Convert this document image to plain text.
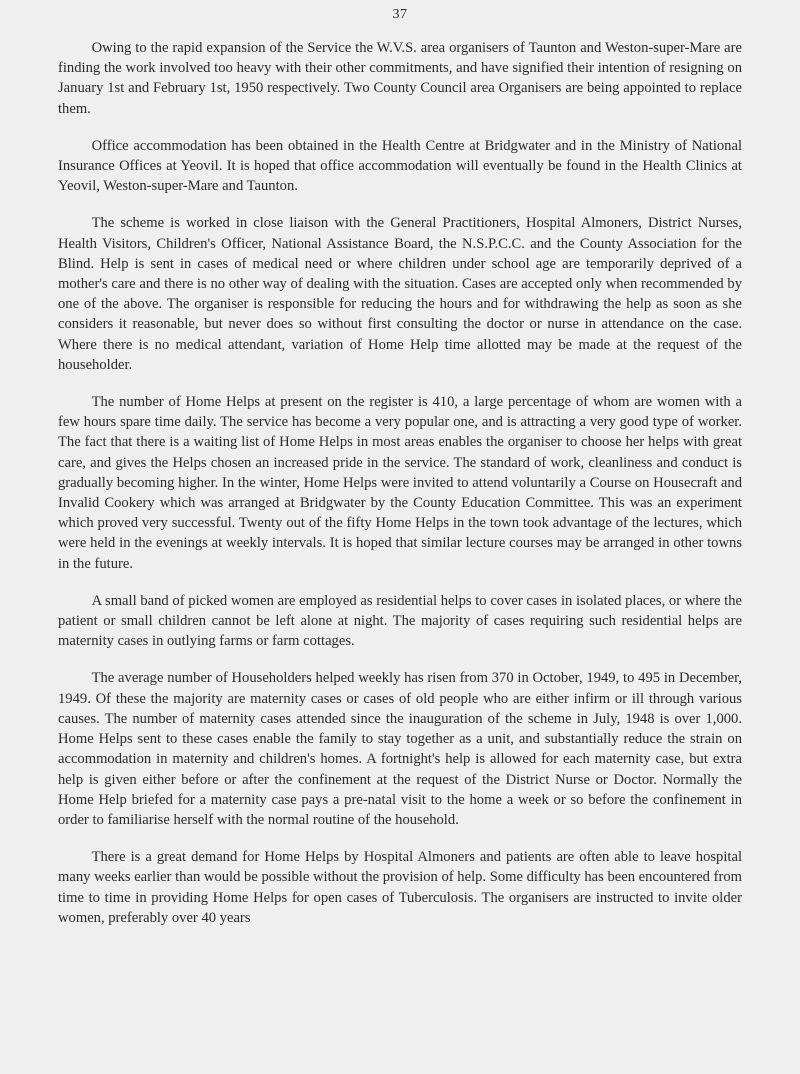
37

Owing to the rapid expansion of the Service the W.V.S. area organisers of Taunton and Weston-super-Mare are finding the work involved too heavy with their other commitments, and have signified their intention of resigning on January 1st and February 1st, 1950 respectively. Two County Council area Organisers are being appointed to replace them.

Office accommodation has been obtained in the Health Centre at Bridgwater and in the Ministry of National Insurance Offices at Yeovil. It is hoped that office accommodation will eventually be found in the Health Clinics at Yeovil, Weston-super-Mare and Taunton.

The scheme is worked in close liaison with the General Practitioners, Hospital Almoners, District Nurses, Health Visitors, Children's Officer, National Assistance Board, the N.S.P.C.C. and the County Association for the Blind. Help is sent in cases of medical need or where children under school age are temporarily deprived of a mother's care and there is no other way of dealing with the situation. Cases are accepted only when recommended by one of the above. The organiser is responsible for reducing the hours and for withdrawing the help as soon as she considers it reasonable, but never does so without first consulting the doctor or nurse in attendance on the case. Where there is no medical attendant, variation of Home Help time allotted may be made at the request of the householder.

The number of Home Helps at present on the register is 410, a large percentage of whom are women with a few hours spare time daily. The service has become a very popular one, and is attracting a very good type of worker. The fact that there is a waiting list of Home Helps in most areas enables the organiser to choose her helps with great care, and gives the Helps chosen an increased pride in the service. The standard of work, cleanliness and conduct is gradually becoming higher. In the winter, Home Helps were invited to attend voluntarily a Course on Housecraft and Invalid Cookery which was arranged at Bridgwater by the County Education Committee. This was an experiment which proved very successful. Twenty out of the fifty Home Helps in the town took advantage of the lectures, which were held in the evenings at weekly intervals. It is hoped that similar lecture courses may be arranged in other towns in the future.

A small band of picked women are employed as residential helps to cover cases in isolated places, or where the patient or small children cannot be left alone at night. The majority of cases requiring such residential helps are maternity cases in outlying farms or farm cottages.

The average number of Householders helped weekly has risen from 370 in October, 1949, to 495 in December, 1949. Of these the majority are maternity cases or cases of old people who are either infirm or ill through various causes. The number of maternity cases attended since the inauguration of the scheme in July, 1948 is over 1,000. Home Helps sent to these cases enable the family to stay together as a unit, and substantially reduce the strain on accommodation in maternity and children's homes. A fortnight's help is allowed for each maternity case, but extra help is given either before or after the confinement at the request of the District Nurse or Doctor. Normally the Home Help briefed for a maternity case pays a pre-natal visit to the home a week or so before the confinement in order to familiarise herself with the normal routine of the household.

There is a great demand for Home Helps by Hospital Almoners and patients are often able to leave hospital many weeks earlier than would be possible without the provision of help. Some difficulty has been encountered from time to time in providing Home Helps for open cases of Tuberculosis. The organisers are instructed to invite older women, preferably over 40 years
